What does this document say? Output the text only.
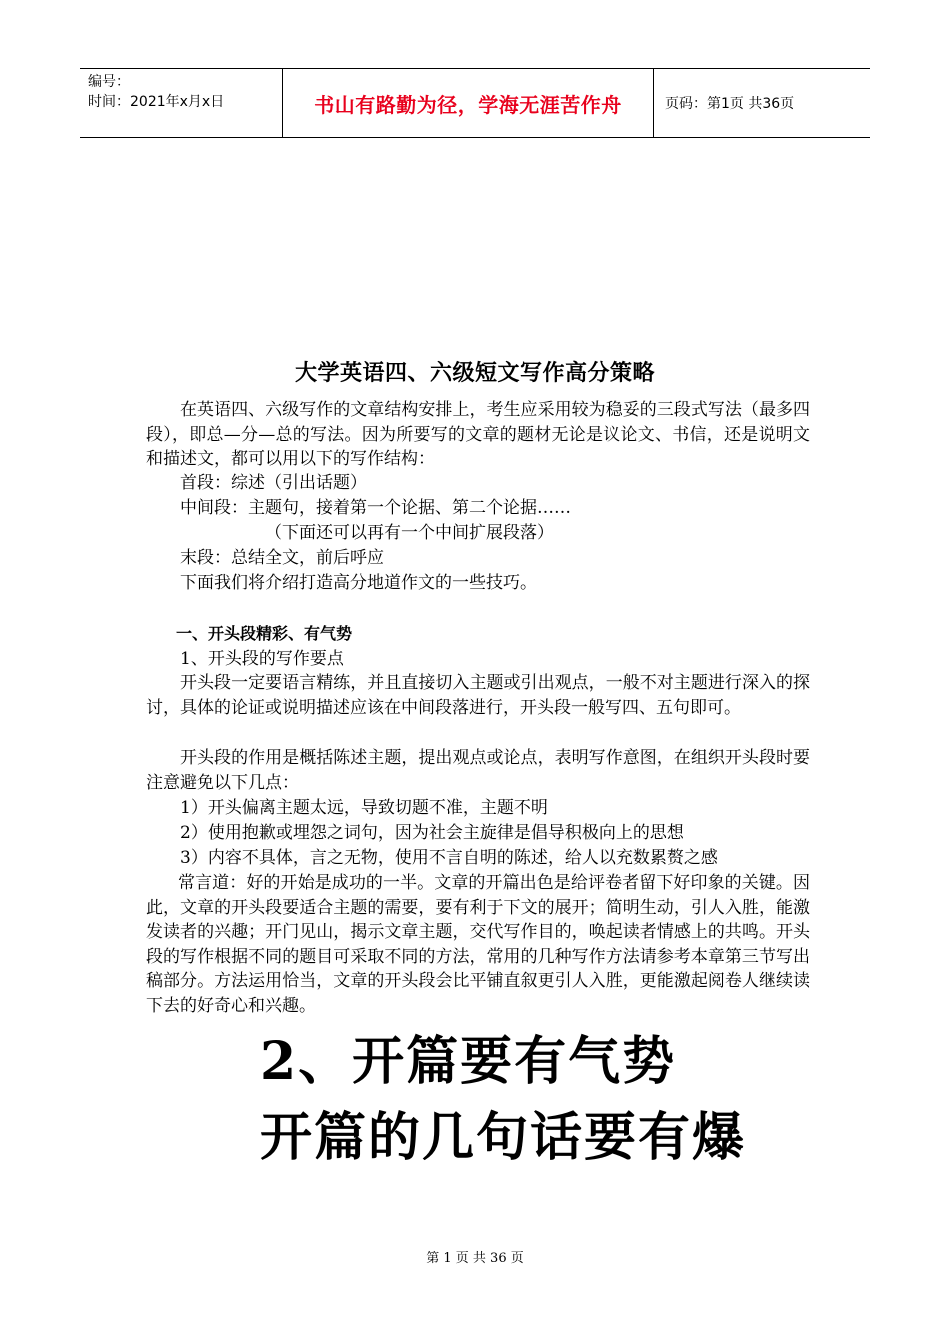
编号：
时间：2021年x月x日	书山有路勤为径，学海无涯苦作舟	页码：第1页 共36页
大学英语四、六级短文写作高分策略
在英语四、六级写作的文章结构安排上，考生应采用较为稳妥的三段式写法（最多四段），即总—分—总的写法。因为所要写的文章的题材无论是议论文、书信，还是说明文和描述文，都可以用以下的写作结构：
首段：综述（引出话题）
中间段：主题句，接着第一个论据、第二个论据……
（下面还可以再有一个中间扩展段落）
末段：总结全文，前后呼应
下面我们将介绍打造高分地道作文的一些技巧。
一、开头段精彩、有气势
1、开头段的写作要点
开头段一定要语言精练，并且直接切入主题或引出观点，一般不对主题进行深入的探讨，具体的论证或说明描述应该在中间段落进行，开头段一般写四、五句即可。
开头段的作用是概括陈述主题，提出观点或论点，表明写作意图，在组织开头段时要注意避免以下几点：
1）开头偏离主题太远，导致切题不准，主题不明
2）使用抱歉或埋怨之词句，因为社会主旋律是倡导积极向上的思想
3）内容不具体，言之无物，使用不言自明的陈述，给人以充数累赘之感
常言道：好的开始是成功的一半。文章的开篇出色是给评卷者留下好印象的关键。因此，文章的开头段要适合主题的需要，要有利于下文的展开；简明生动，引人入胜，能激发读者的兴趣；开门见山，揭示文章主题，交代写作目的，唤起读者情感上的共鸣。开头段的写作根据不同的题目可采取不同的方法，常用的几种写作方法请参考本章第三节写出稿部分。方法运用恰当，文章的开头段会比平铺直叙更引人入胜，更能激起阅卷人继续读下去的好奇心和兴趣。
2、开篇要有气势
开篇的几句话要有爆
第 1 页 共 36 页
